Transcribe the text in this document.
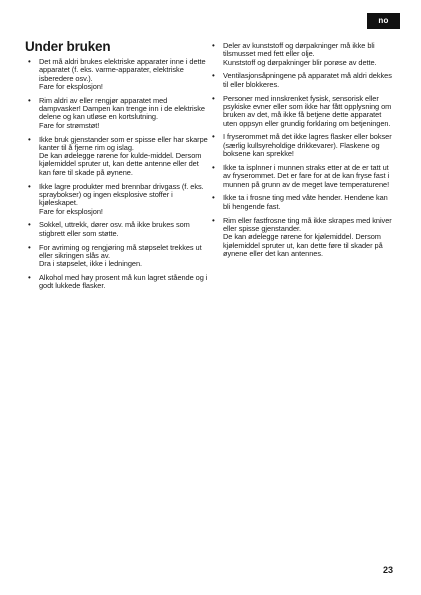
no
Under bruken
• Det må aldri brukes elektriske apparater inne i dette apparatet (f. eks. varme-apparater, elektriske isberedere osv.).
Fare for eksplosjon!
• Rim aldri av eller rengjør apparatet med dampvasker! Dampen kan trenge inn i de elektriske delene og kan utløse en kortslutning.
Fare for strømstøt!
• Ikke bruk gjenstander som er spisse eller har skarpe kanter til å fjerne rim og islag.
De kan ødelegge rørene for kulde-middel. Dersom kjølemiddel spruter ut, kan dette antenne eller det kan føre til skade på øynene.
• Ikke lagre produkter med brennbar drivgass (f. eks. spraybokser) og ingen eksplosive stoffer i kjøleskapet.
Fare for eksplosjon!
• Sokkel, uttrekk, dører osv. må ikke brukes som stigbrett eller som støtte.
• For avriming og rengjøring må støpselet trekkes ut eller sikringen slås av.
Dra i støpselet, ikke i ledningen.
• Alkohol med høy prosent må kun lagret stående og i godt lukkede flasker.
• Deler av kunststoff og dørpakninger må ikke bli tilsmusset med fett eller olje.
Kunststoff og dørpakninger blir porøse av dette.
• Ventilasjonsåpningene på apparatet må aldri dekkes til eller blokkeres.
• Personer med innskrenket fysisk, sensorisk eller psykiske evner eller som ikke har fått opplysning om bruken av det, må ikke få betjene dette apparatet uten oppsyn eller grundig forklaring om betjeningen.
• I fryserommet må det ikke lagres flasker eller bokser (særlig kullsyreholdige drikkevarer). Flaskene og boksene kan sprekke!
• Ikke ta isplnner i munnen straks etter at de er tatt ut av fryserommet. Det er fare for at de kan fryse fast i munnen på grunn av de meget lave temperaturene!
• Ikke ta i frosne ting med våte hender. Hendene kan bli hengende fast.
• Rim eller fastfrosne ting må ikke skrapes med kniver eller spisse gjenstander.
De kan ødelegge rørene for kjølemiddel. Dersom kjølemiddel spruter ut, kan dette føre til skader på øynene eller det kan antennes.
23
